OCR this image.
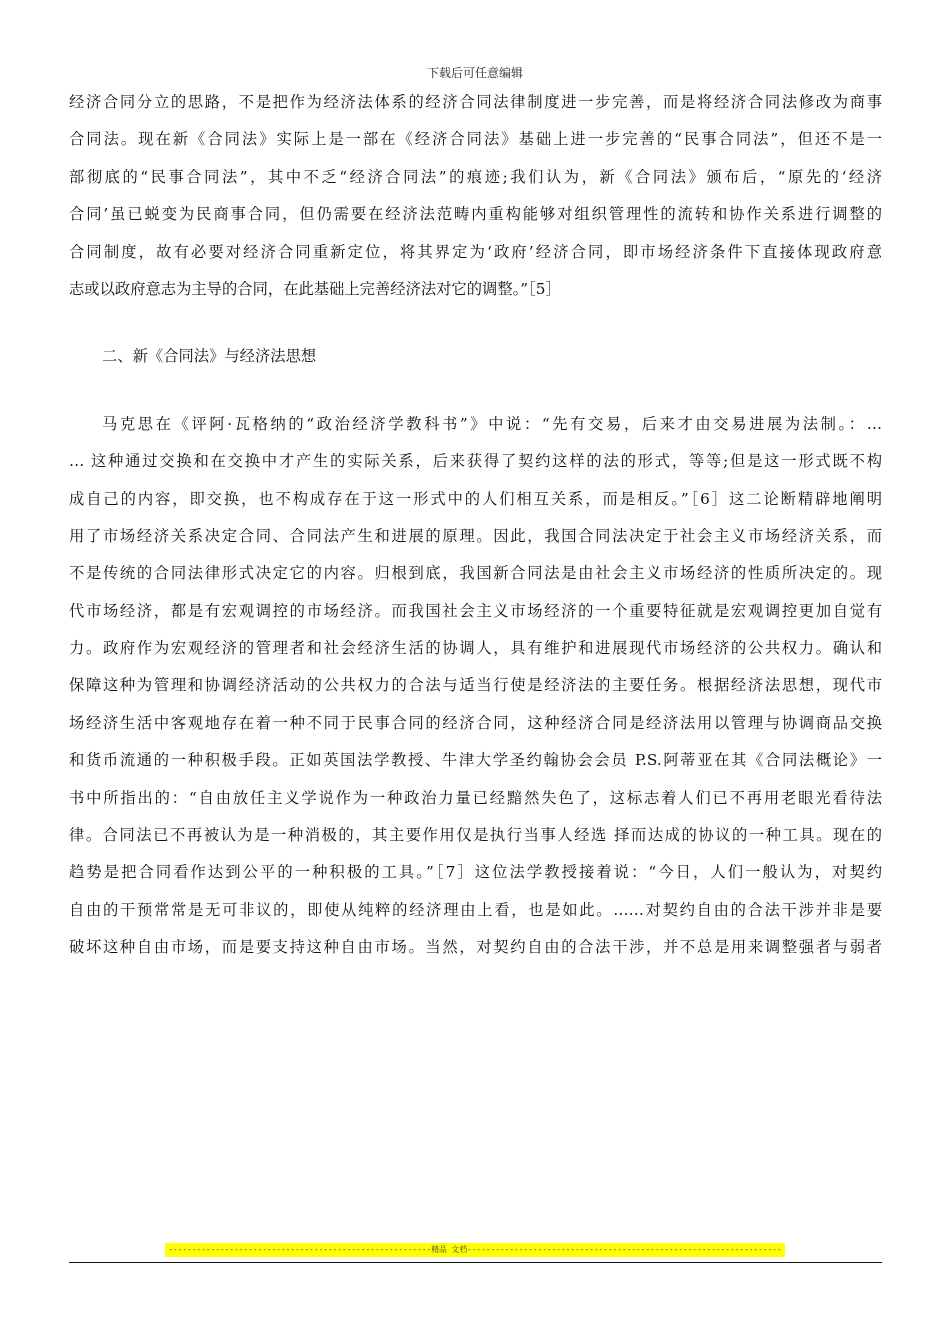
下载后可任意编辑
经济合同分立的思路，不是把作为经济法体系的经济合同法律制度进一步完善，而是将经济合同法修改为商事
合同法。现在新《合同法》实际上是一部在《经济合同法》基础上进一步完善的“民事合同法”，但还不是一
部彻底的“民事合同法”，其中不乏“经济合同法”的痕迹;我们认为，新《合同法》颁布后，“原先的‘经济
合同’虽已蜕变为民商事合同，但仍需要在经济法范畴内重构能够对组织管理性的流转和协作关系进行调整的
合同制度，故有必要对经济合同重新定位，将其界定为‘政府’经济合同，即市场经济条件下直接体现政府意
志或以政府意志为主导的合同，在此基础上完善经济法对它的调整。”［5］
二、新《合同法》与经济法思想
马克思在《评阿·瓦格纳的“政治经济学教科书”》中说：“先有交易，后来才由交易进展为法制。：…
… 这种通过交换和在交换中才产生的实际关系，后来获得了契约这样的法的形式，等等;但是这一形式既不构
成自己的内容，即交换，也不构成存在于这一形式中的人们相互关系，而是相反。”［6］这二论断精辟地阐明
用了市场经济关系决定合同、合同法产生和进展的原理。因此，我国合同法决定于社会主义市场经济关系，而
不是传统的合同法律形式决定它的内容。归根到底，我国新合同法是由社会主义市场经济的性质所决定的。现
代市场经济，都是有宏观调控的市场经济。而我国社会主义市场经济的一个重要特征就是宏观调控更加自觉有
力。政府作为宏观经济的管理者和社会经济生活的协调人，具有维护和进展现代市场经济的公共权力。确认和
保障这种为管理和协调经济活动的公共权力的合法与适当行使是经济法的主要任务。根据经济法思想，现代市
场经济生活中客观地存在着一种不同于民事合同的经济合同，这种经济合同是经济法用以管理与协调商品交换
和货币流通的一种积极手段。正如英国法学教授、牛津大学圣约翰协会会员 P.S.阿蒂亚在其《合同法概论》一
书中所指出的：“自由放任主义学说作为一种政治力量已经黯然失色了，这标志着人们已不再用老眼光看待法
律。合同法已不再被认为是一种消极的，其主要作用仅是执行当事人经选 择而达成的协议的一种工具。现在的
趋势是把合同看作达到公平的一种积极的工具。”［7］这位法学教授接着说：“今日，人们一般认为，对契约
自由的干预常常是无可非议的，即使从纯粹的经济理由上看，也是如此。……对契约自由的合法干涉并非是要
破坏这种自由市场，而是要支持这种自由市场。当然，对契约自由的合法干涉，并不总是用来调整强者与弱者
--------------------------------------------------------精品 文档-------------------------------------------------------------------
